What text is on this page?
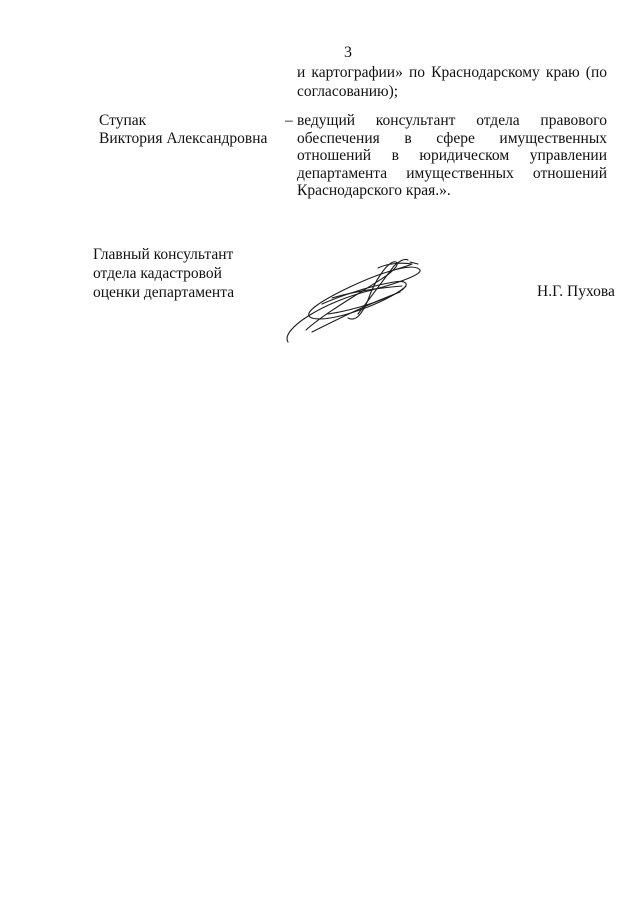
3
и картографии» по Краснодарскому краю (по
согласованию);
Ступак
Виктория Александровна
– ведущий консультант отдела правового
обеспечения в сфере имущественных
отношений в юридическом управлении
департамента имущественных отношений
Краснодарского края.».
Главный консультант
отдела кадастровой
оценки департамента	Н.Г. Пухова
